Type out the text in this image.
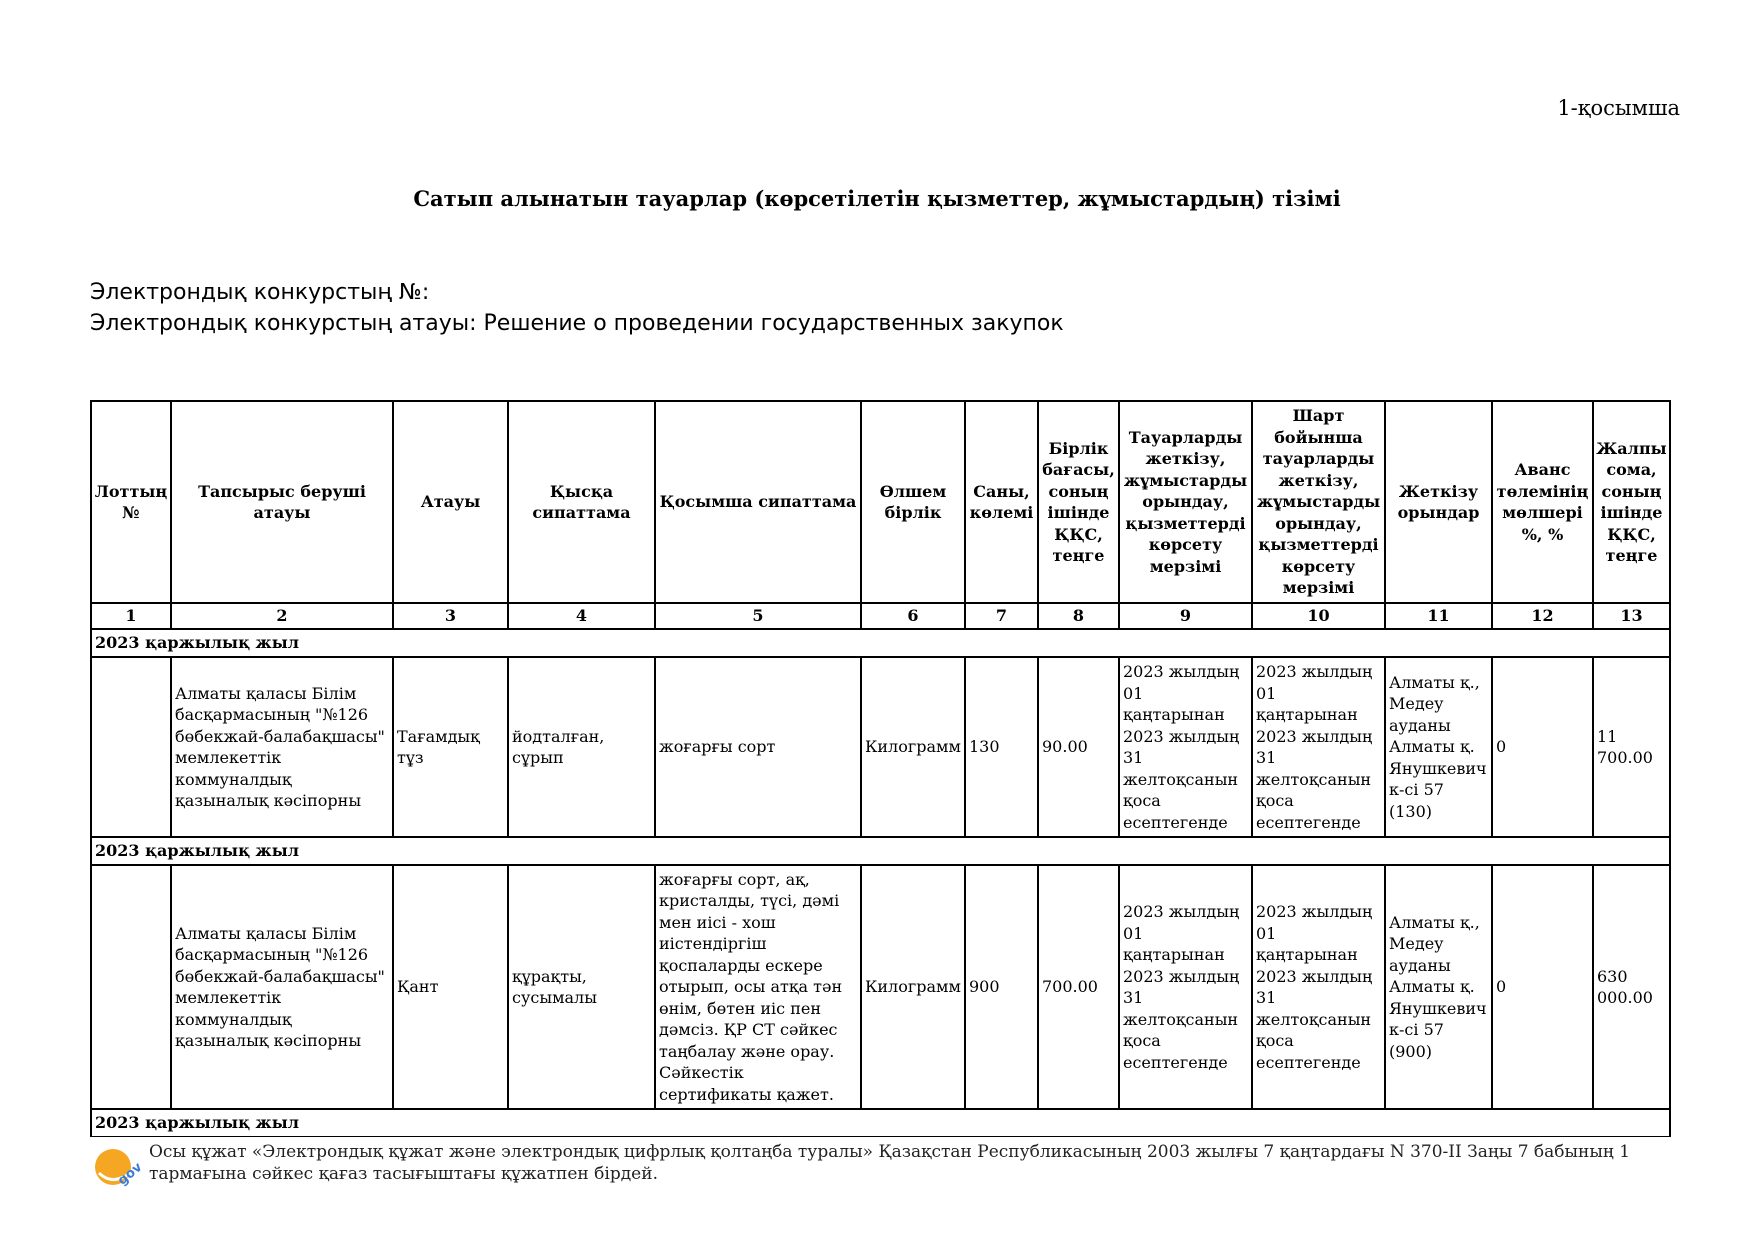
1-қосымша
Сатып алынатын тауарлар (көрсетілетін қызметтер, жұмыстардың) тізімі
Электрондық конкурстың №:
Электрондық конкурстың атауы: Решение о проведении государственных закупок
Лоттың №	Тапсырыс беруші атауы	Атауы	Қысқа сипаттама	Қосымша сипаттама	Өлшем бірлік	Саны, көлемі	Бірлік бағасы, соның ішінде ҚҚС, теңге	Тауарларды жеткізу, жұмыстарды орындау, қызметтерді көрсету мерзімі	Шарт бойынша тауарларды жеткізу, жұмыстарды орындау, қызметтерді көрсету мерзімі	Жеткізу орындар	Аванс төлемінің мөлшері %, %	Жалпы сома, соның ішінде ҚҚС, теңге
1	2	3	4	5	6	7	8	9	10	11	12	13
2023 қаржылық жыл												
	Алматы қаласы Білім басқармасының "№126 бөбекжай-балабақшасы" мемлекеттік коммуналдық қазыналық кәсіпорны	Тағамдық тұз	йодталған, сұрып	жоғарғы сорт	Килограмм	130	90.00	2023 жылдың 01 қаңтарынан 2023 жылдың 31 желтоқсанын қоса есептегенде	2023 жылдың 01 қаңтарынан 2023 жылдың 31 желтоқсанын қоса есептегенде	Алматы қ., Медеу ауданы Алматы қ. Янушкевич к-сі 57 (130)	0	11 700.00
2023 қаржылық жыл												
	Алматы қаласы Білім басқармасының "№126 бөбекжай-балабақшасы" мемлекеттік коммуналдық қазыналық кәсіпорны	Қант	құрақты, сусымалы	жоғарғы сорт, ақ, кристалды, түсі, дәмі мен иісі - хош иістендіргіш қоспаларды ескере отырып, осы атқа тән өнім, бөтен иіс пен дәмсіз. ҚР СТ сәйкес таңбалау және орау. Сәйкестік сертификаты қажет.	Килограмм	900	700.00	2023 жылдың 01 қаңтарынан 2023 жылдың 31 желтоқсанын қоса есептегенде	2023 жылдың 01 қаңтарынан 2023 жылдың 31 желтоқсанын қоса есептегенде	Алматы қ., Медеу ауданы Алматы қ. Янушкевич к-сі 57 (900)	0	630 000.00
2023 қаржылық жыл												
gov
Осы құжат «Электрондық құжат және электрондық цифрлық қолтаңба туралы» Қазақстан Республикасының 2003 жылғы 7 қаңтардағы N 370-II Заңы 7 бабының 1 тармағына сәйкес қағаз тасығыштағы құжатпен бірдей.
